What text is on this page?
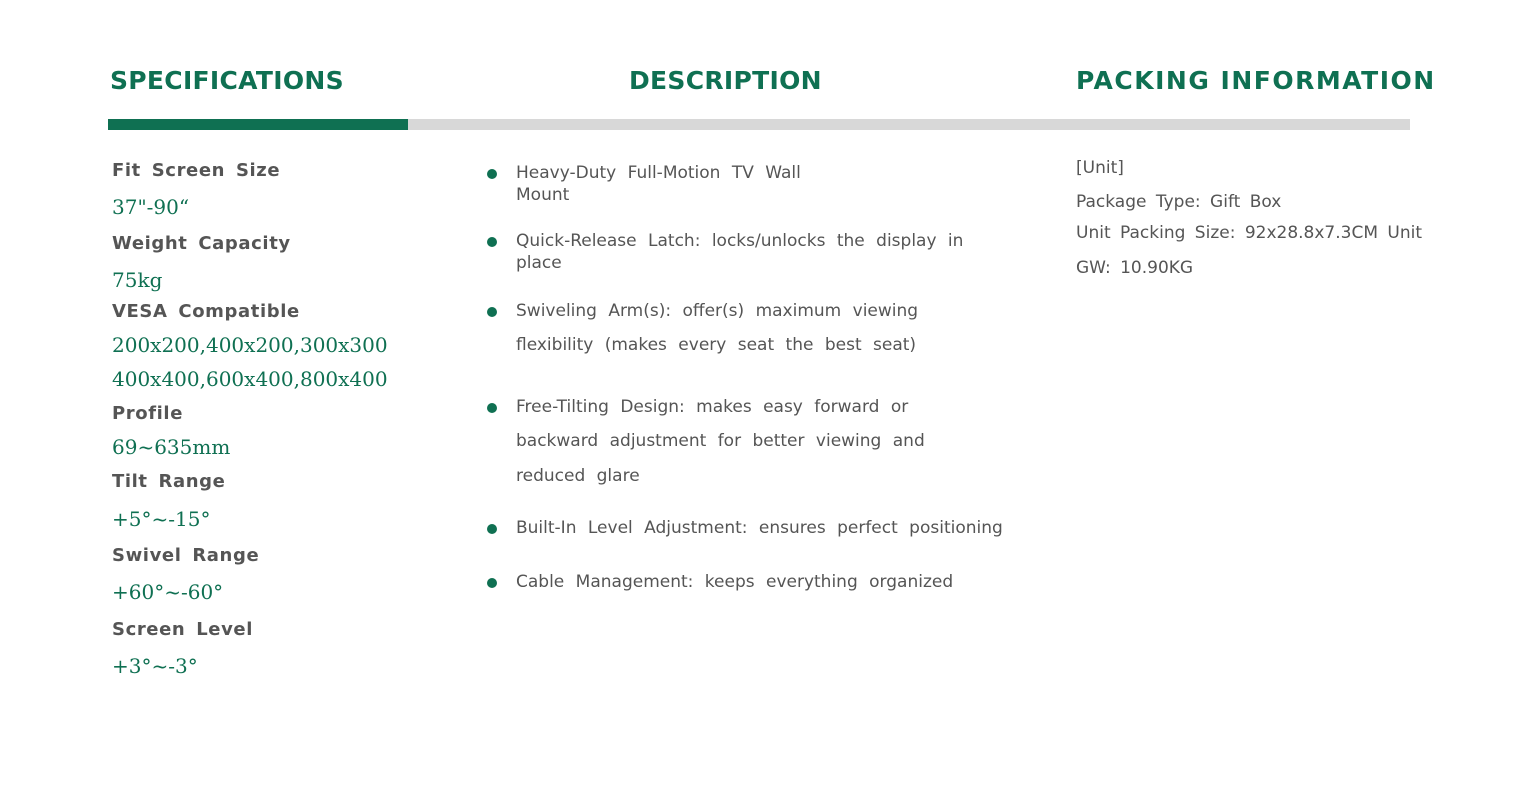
SPECIFICATIONS	DESCRIPTION	PACKING INFORMATION
Fit Screen Size
37"-90“
Weight Capacity
75kg
VESA Compatible
200x200,400x200,300x300
400x400,600x400,800x400
Profile
69~635mm
Tilt Range
+5°~-15°
Swivel Range
+60°~-60°
Screen Level
+3°~-3°
Heavy-Duty Full-Motion TV Wall
Mount
Quick-Release Latch: locks/unlocks the display in
place
Swiveling Arm(s): offer(s) maximum viewing
flexibility (makes every seat the best seat)
Free-Tilting Design: makes easy forward or
backward adjustment for better viewing and
reduced glare
Built-In Level Adjustment: ensures perfect positioning
Cable Management: keeps everything organized
[Unit]
Package Type: Gift Box
Unit Packing Size: 92x28.8x7.3CM Unit
GW: 10.90KG
